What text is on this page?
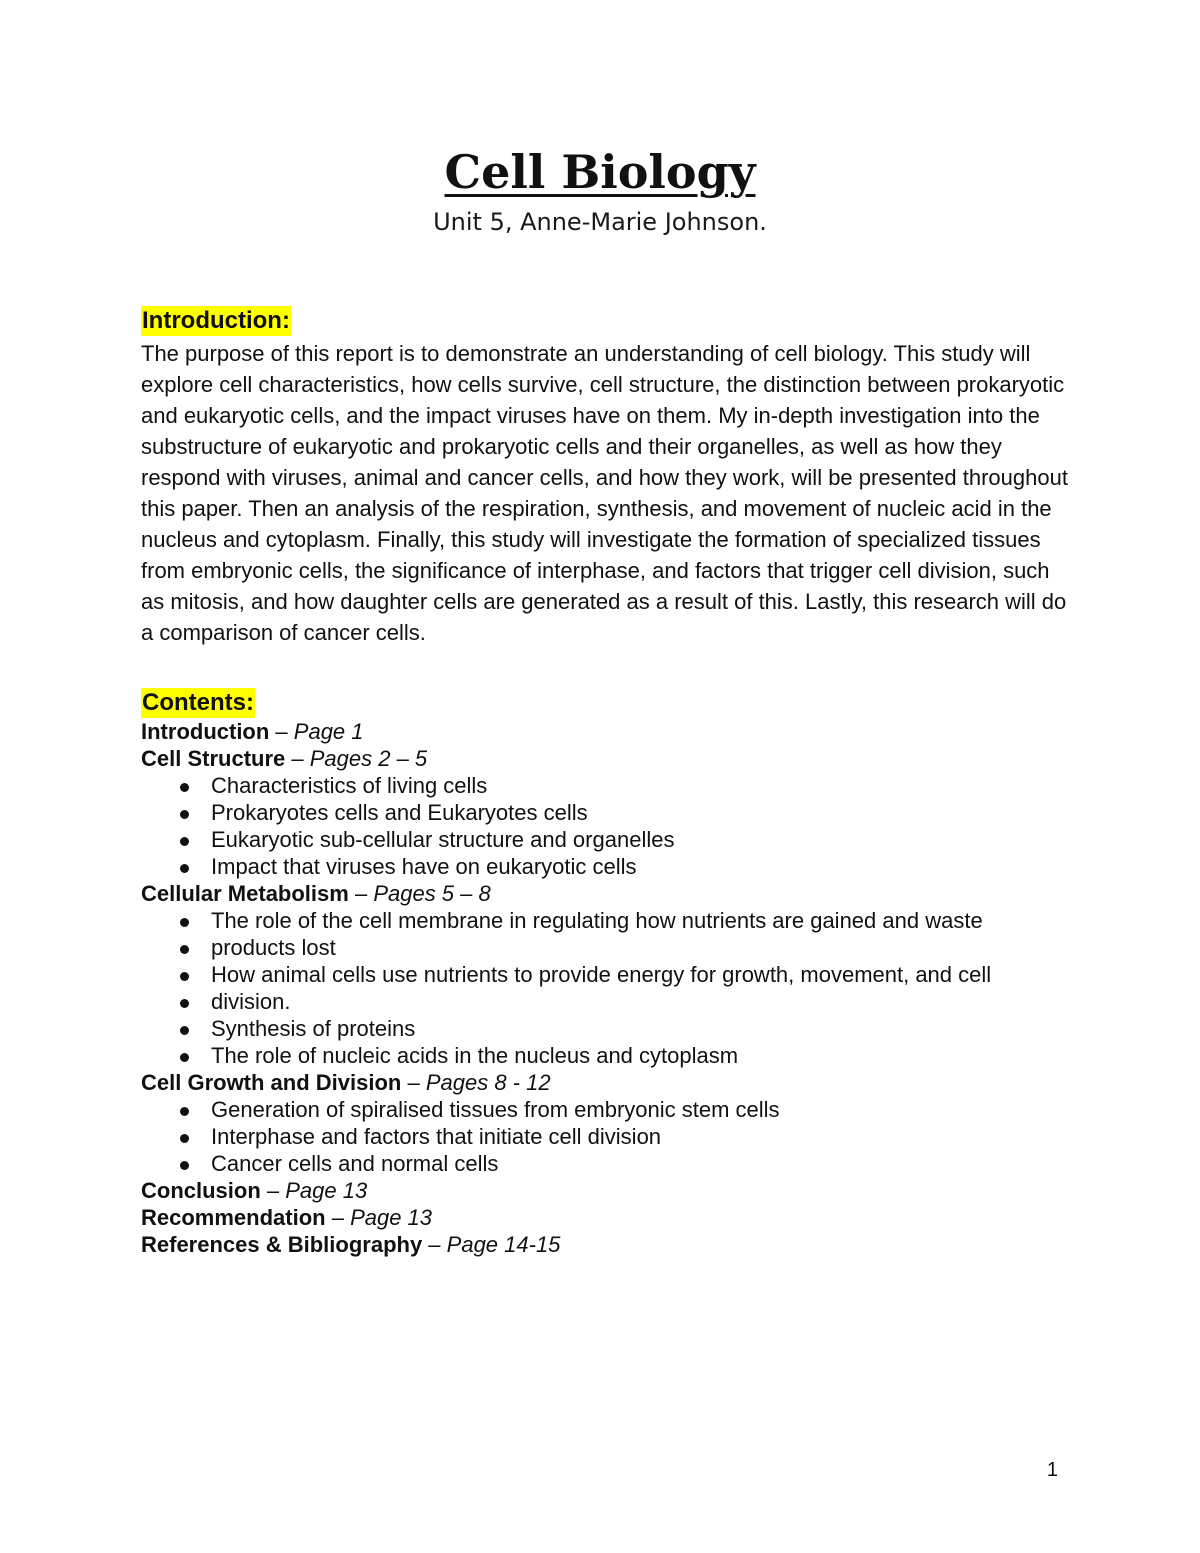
Cell Biology
Unit 5, Anne-Marie Johnson.
Introduction:

The purpose of this report is to demonstrate an understanding of cell biology. This study will explore cell characteristics, how cells survive, cell structure, the distinction between prokaryotic and eukaryotic cells, and the impact viruses have on them. My in-depth investigation into the substructure of eukaryotic and prokaryotic cells and their organelles, as well as how they respond with viruses, animal and cancer cells, and how they work, will be presented throughout this paper. Then an analysis of the respiration, synthesis, and movement of nucleic acid in the nucleus and cytoplasm. Finally, this study will investigate the formation of specialized tissues from embryonic cells, the significance of interphase, and factors that trigger cell division, such as mitosis, and how daughter cells are generated as a result of this. Lastly, this research will do a comparison of cancer cells.

Contents:
Introduction – Page 1
Cell Structure – Pages 2 – 5
Characteristics of living cells
Prokaryotes cells and Eukaryotes cells
Eukaryotic sub-cellular structure and organelles
Impact that viruses have on eukaryotic cells
Cellular Metabolism – Pages 5 – 8
The role of the cell membrane in regulating how nutrients are gained and waste
products lost
How animal cells use nutrients to provide energy for growth, movement, and cell
division.
Synthesis of proteins
The role of nucleic acids in the nucleus and cytoplasm
Cell Growth and Division – Pages 8 - 12
Generation of spiralised tissues from embryonic stem cells
Interphase and factors that initiate cell division
Cancer cells and normal cells
Conclusion – Page 13
Recommendation – Page 13
References & Bibliography – Page 14-15
1
